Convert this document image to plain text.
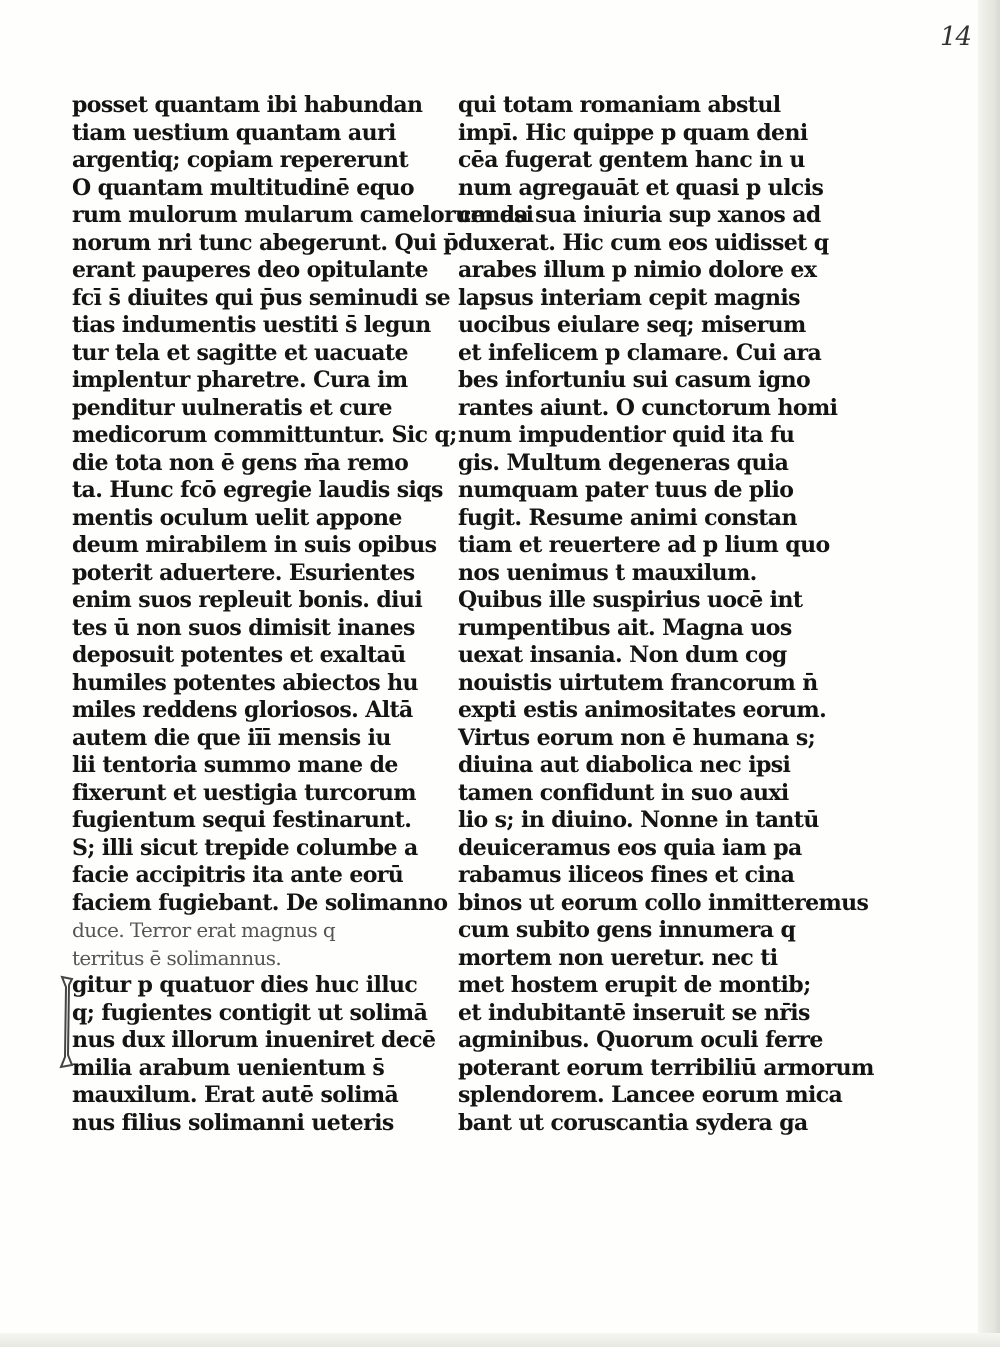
14
posset quantam ibi habundan
tiam uestium quantam auri
argentiq; copiam repererunt
O quantam multitudinē equo
rum mulorum mularum camelorum asi
norum nri tunc abegerunt. Qui p̄
erant pauperes deo opitulante
fcī s̄ diuites qui p̄us seminudi se
tias indumentis uestiti s̄ legun
tur tela et sagitte et uacuate
implentur pharetre. Cura im
penditur uulneratis et cure
medicorum committuntur. Sic q;
die tota non ē gens m̄a remo
ta. Hunc fcō egregie laudis siqs
mentis oculum uelit appone
deum mirabilem in suis opibus
poterit aduertere. Esurientes
enim suos repleuit bonis. diui
tes ū non suos dimisit inanes
deposuit potentes et exaltaū
humiles potentes abiectos hu
miles reddens gloriosos. Altā
autem die que iīī mensis iu
lii tentoria summo mane de
fixerunt et uestigia turcorum
fugientum sequi festinarunt.
S; illi sicut trepide columbe a
facie accipitris ita ante eorū
faciem fugiebant. De solimanno
duce. Terror erat magnus q
territus ē solimannus.
gitur p quatuor dies huc illuc
q; fugientes contigit ut solimā
nus dux illorum inueniret decē
milia arabum uenientum s̄
mauxilum. Erat autē solimā
nus filius solimanni ueteris
qui totam romaniam abstul
impī. Hic quippe p quam deni
cēa fugerat gentem hanc in u
num agregauāt et quasi p ulcis
cenda sua iniuria sup xanos ad
duxerat. Hic cum eos uidisset q
arabes illum p nimio dolore ex
lapsus interiam cepit magnis
uocibus eiulare seq; miserum
et infelicem p clamare. Cui ara
bes infortuniu sui casum igno
rantes aiunt. O cunctorum homi
num impudentior quid ita fu
gis. Multum degeneras quia
numquam pater tuus de plio
fugit. Resume animi constan
tiam et reuertere ad p lium quo
nos uenimus t mauxilum.
Quibus ille suspirius uocē int
rumpentibus ait. Magna uos
uexat insania. Non dum cog
nouistis uirtutem francorum n̄
expti estis animositates eorum.
Virtus eorum non ē humana s;
diuina aut diabolica nec ipsi
tamen confidunt in suo auxi
lio s; in diuino. Nonne in tantū
deuiceramus eos quia iam pa
rabamus iliceos fines et cina
binos ut eorum collo inmitteremus
cum subito gens innumera q
mortem non ueretur. nec ti
met hostem erupit de montib;
et indubitantē inseruit se nr̄is
agminibus. Quorum oculi ferre
poterant eorum terribiliū armorum
splendorem. Lancee eorum mica
bant ut coruscantia sydera ga
